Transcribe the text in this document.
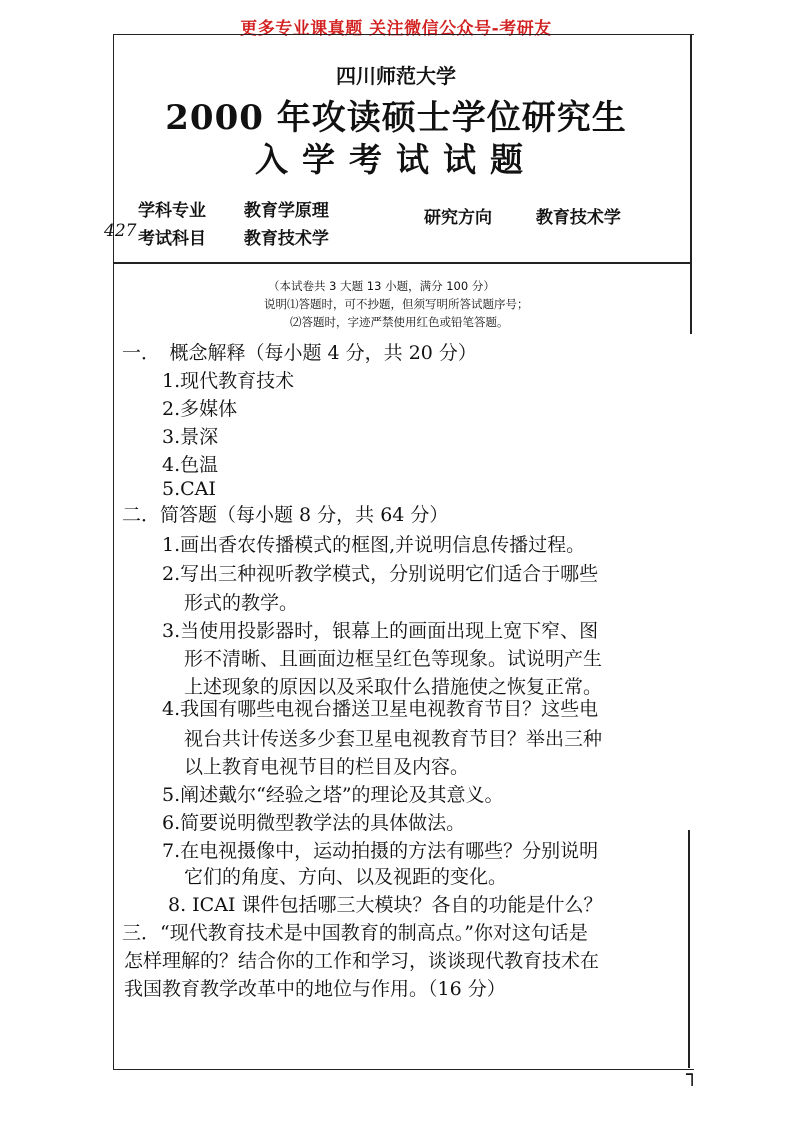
更多专业课真题 关注微信公众号-考研友
四川师范大学
2000 年攻读硕士学位研究生
入学考试试题
学科专业 教育学原理
考试科目 教育技术学
研究方向	教育技术学
427
（本试卷共 3 大题 13 小题，满分 100 分）
说明⑴答题时，可不抄题，但须写明所答试题序号；
⑵答题时，字迹严禁使用红色或铅笔答题。
一．　概念解释（每小题 4 分，共 20 分）
1.现代教育技术
2.多媒体
3.景深
4.色温
5.CAI
二．简答题（每小题 8 分，共 64 分）
1.画出香农传播模式的框图,并说明信息传播过程。
2.写出三种视听教学模式，分别说明它们适合于哪些
形式的教学。
3.当使用投影器时，银幕上的画面出现上宽下窄、图
形不清晰、且画面边框呈红色等现象。试说明产生
上述现象的原因以及采取什么措施使之恢复正常。
4.我国有哪些电视台播送卫星电视教育节目？这些电
视台共计传送多少套卫星电视教育节目？举出三种
以上教育电视节目的栏目及内容。
5.阐述戴尔“经验之塔”的理论及其意义。
6.简要说明微型教学法的具体做法。
7.在电视摄像中，运动拍摄的方法有哪些？分别说明
它们的角度、方向、以及视距的变化。
8. ICAI 课件包括哪三大模块？各自的功能是什么？
三．“现代教育技术是中国教育的制高点。”你对这句话是
怎样理解的？结合你的工作和学习，谈谈现代教育技术在
我国教育教学改革中的地位与作用。（16 分）
┐
